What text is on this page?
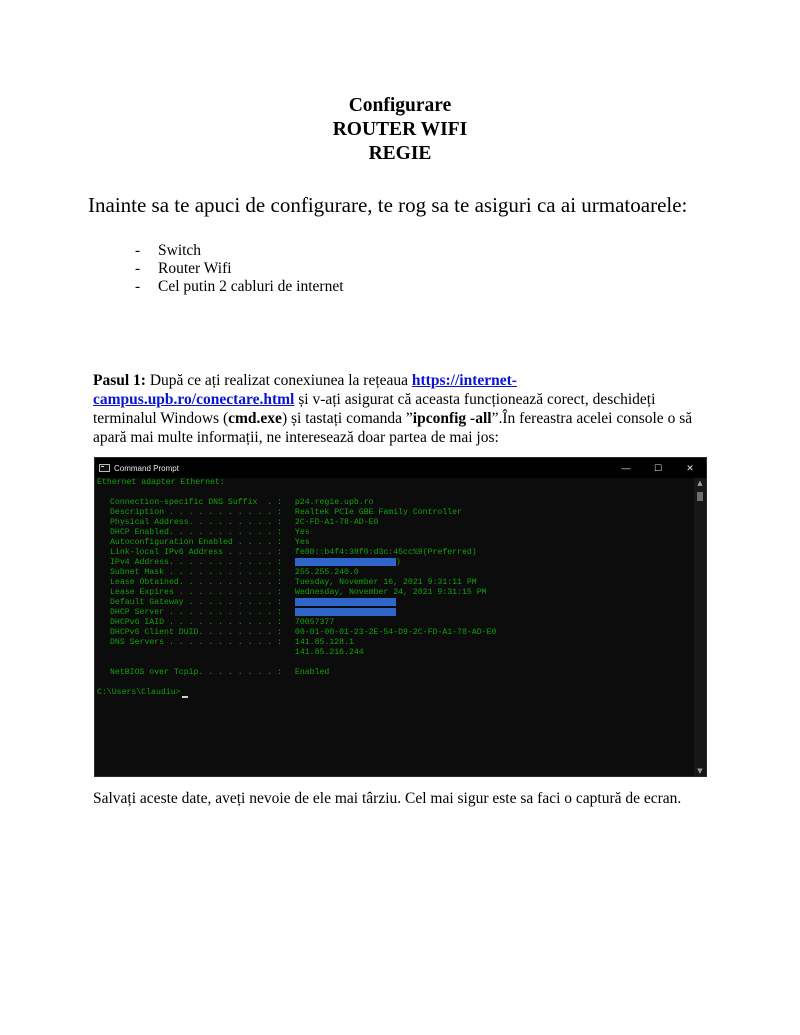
Configurare
ROUTER WIFI
REGIE
Inainte sa te apuci de configurare, te rog sa te asiguri ca ai urmatoarele:
-	Switch
-	Router Wifi
-	Cel putin 2 cabluri de internet
Pasul 1: După ce ați realizat conexiunea la rețeaua https://internet-campus.upb.ro/conectare.html și v-ați asigurat că aceasta funcționează corect, deschideți terminalul Windows (cmd.exe) și tastați comanda ”ipconfig -all”.În fereastra acelei console o să apară mai multe informații, ne interesează doar partea de mai jos:
Command Prompt	—	☐	✕
Ethernet adapter Ethernet:
Connection-specific DNS Suffix  . : p24.regie.upb.ro
Description . . . . . . . . . . . : Realtek PCIe GBE Family Controller
Physical Address. . . . . . . . . : 2C-FD-A1-78-AD-E0
DHCP Enabled. . . . . . . . . . . : Yes
Autoconfiguration Enabled . . . . : Yes
Link-local IPv6 Address . . . . . : fe80::b4f4:38f0:d3c:45cc%9(Preferred)
IPv4 Address. . . . . . . . . . . :	)
Subnet Mask . . . . . . . . . . . : 255.255.240.0
Lease Obtained. . . . . . . . . . : Tuesday, November 16, 2021 9:31:11 PM
Lease Expires . . . . . . . . . . : Wednesday, November 24, 2021 9:31:15 PM
Default Gateway . . . . . . . . . :
DHCP Server . . . . . . . . . . . :
DHCPv6 IAID . . . . . . . . . . . : 70057377
DHCPv6 Client DUID. . . . . . . . : 00-01-00-01-23-2E-54-D9-2C-FD-A1-78-AD-E0
DNS Servers . . . . . . . . . . . : 141.85.128.1
141.85.216.244
NetBIOS over Tcpip. . . . . . . . : Enabled
C:\Users\Claudiu>
▲
▼
Salvați aceste date, aveți nevoie de ele mai târziu. Cel mai sigur este sa faci o captură de ecran.
